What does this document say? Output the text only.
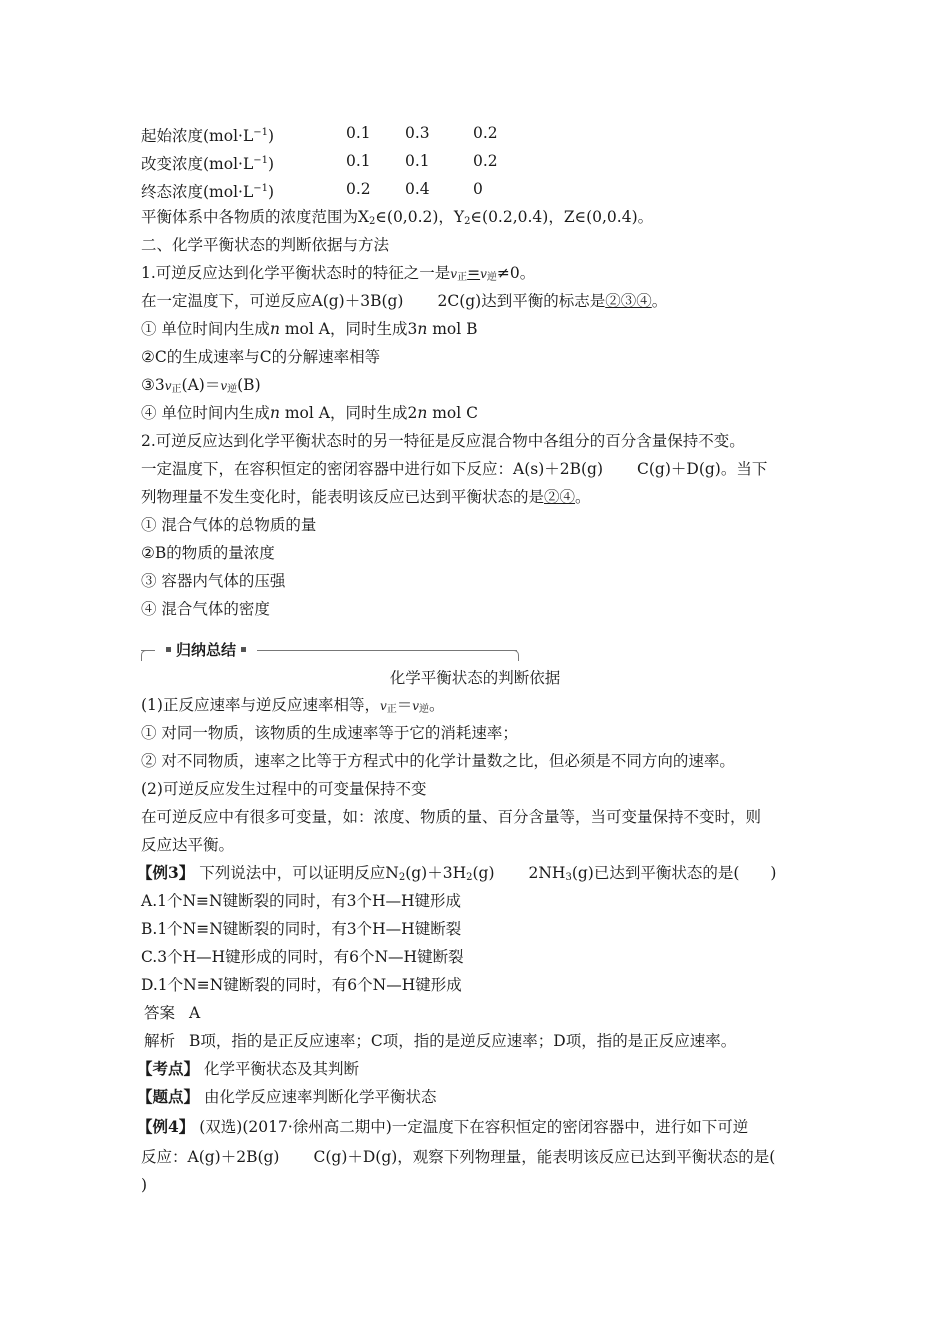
起始浓度$(mol\cdot L^{-1})$	0.1 0.3	0.2
改变浓度$(mol\cdot L^{-1})$	0.1 0.1	0.2
终态浓度$(mol\cdot L^{-1})$	0.2 0.4	0
平衡体系中各物质的浓度范围为$X_2\in(0,0.2)$，$Y_2\in(0.2,0.4)$，Z∈(0,0.4)。
二、化学平衡状态的判断依据与方法
1.可逆反应达到化学平衡状态时的特征之一是$v_正=v_逆\ne 0$。
在一定温度下，可逆反应A(g)＋3B(g) 2C(g)达到平衡的标志是②③④。
① 单位时间内生成n mol A，同时生成3n mol B
②C的生成速率与C的分解速率相等
$③3v_正(A)=v_逆(B)$
④ 单位时间内生成n mol A，同时生成2n mol C
2.可逆反应达到化学平衡状态时的另一特征是反应混合物中各组分的百分含量保持不变。
一定温度下，在容积恒定的密闭容器中进行如下反应：A(s)＋2B(g) C(g)＋D(g)。当下
列物理量不发生变化时，能表明该反应已达到平衡状态的是②④。
① 混合气体的总物质的量
②B的物质的量浓度
③ 容器内气体的压强
④ 混合气体的密度
归纳总结
化学平衡状态的判断依据
(1)正反应速率与逆反应速率相等，$v_正=v_逆$。
① 对同一物质，该物质的生成速率等于它的消耗速率；
② 对不同物质，速率之比等于方程式中的化学计量数之比，但必须是不同方向的速率。
(2)可逆反应发生过程中的可变量保持不变
在可逆反应中有很多可变量，如：浓度、物质的量、百分含量等，当可变量保持不变时，则
反应达平衡。
【例3】 下列说法中，可以证明反应$N_2(g)+3H_2(g)$ $2NH_3(g)$已达到平衡状态的是(　　)
A.1个N≡N键断裂的同时，有3个H—H键形成
B.1个N≡N键断裂的同时，有3个H—H键断裂
C.3个H—H键形成的同时，有6个N—H键断裂
D.1个N≡N键断裂的同时，有6个N—H键形成
答案 A
解析 B项，指的是正反应速率；C项，指的是逆反应速率；D项，指的是正反应速率。
【考点】 化学平衡状态及其判断
【题点】 由化学反应速率判断化学平衡状态
【例4】 (双选)(2017·徐州高二期中)一定温度下在容积恒定的密闭容器中，进行如下可逆
反应：A(g)＋2B(g) C(g)＋D(g)，观察下列物理量，能表明该反应已达到平衡状态的是(
)
